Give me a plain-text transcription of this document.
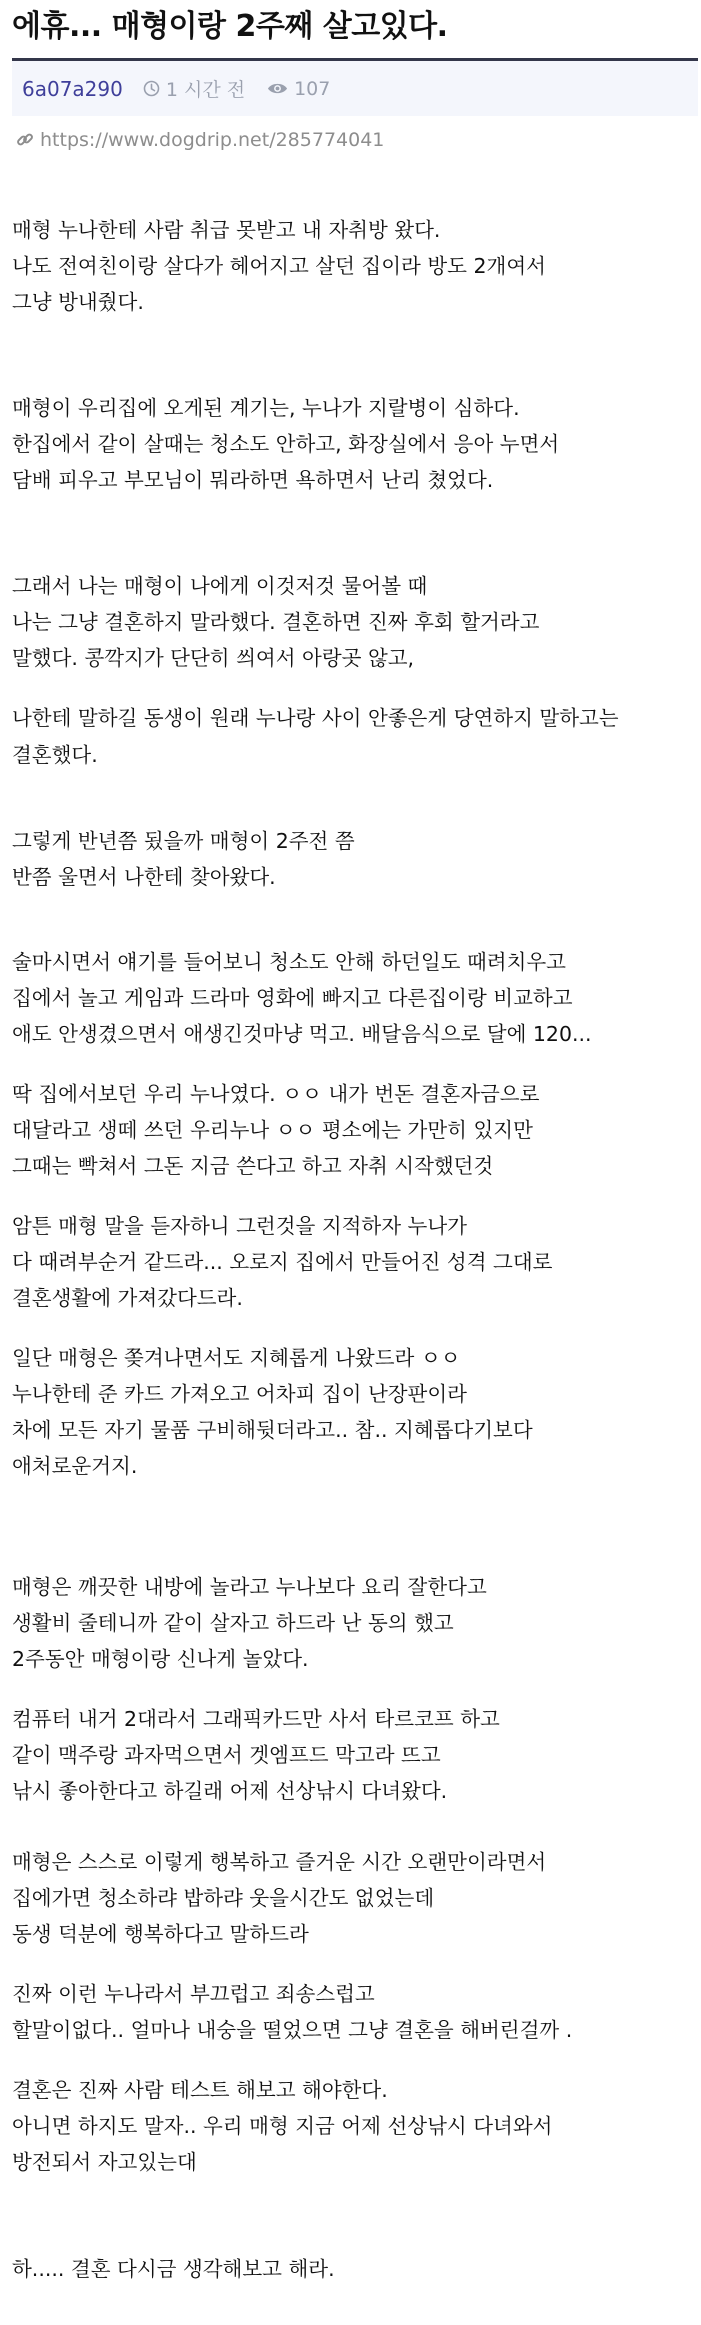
에휴... 매형이랑 2주째 살고있다.
6a07a290 1 시간 전	107
https://www.dogdrip.net/285774041

매형 누나한테 사람 취급 못받고 내 자취방 왔다.

나도 전여친이랑 살다가 헤어지고 살던 집이라 방도 2개여서

그냥 방내줬다.

매형이 우리집에 오게된 계기는, 누나가 지랄병이 심하다.

한집에서 같이 살때는 청소도 안하고, 화장실에서 응아 누면서

담배 피우고 부모님이 뭐라하면 욕하면서 난리 쳤었다.

그래서 나는 매형이 나에게 이것저것 물어볼 때

나는 그냥 결혼하지 말라했다. 결혼하면 진짜 후회 할거라고

말했다. 콩깍지가 단단히 씌여서 아랑곳 않고,

나한테 말하길 동생이 원래 누나랑 사이 안좋은게 당연하지 말하고는

결혼했다.

그렇게 반년쯤 됬을까 매형이 2주전 쯤

반쯤 울면서 나한테 찾아왔다.

술마시면서 얘기를 들어보니 청소도 안해 하던일도 때려치우고

집에서 놀고 게임과 드라마 영화에 빠지고 다른집이랑 비교하고

애도 안생겼으면서 애생긴것마냥 먹고. 배달음식으로 달에 120...

딱 집에서보던 우리 누나였다. ㅇㅇ 내가 번돈 결혼자금으로

대달라고 생떼 쓰던 우리누나 ㅇㅇ 평소에는 가만히 있지만

그때는 빡쳐서 그돈 지금 쓴다고 하고 자취 시작했던것

암튼 매형 말을 듣자하니 그런것을 지적하자 누나가

다 때려부순거 같드라... 오로지 집에서 만들어진 성격 그대로

결혼생활에 가져갔다드라.

일단 매형은 쫒겨나면서도 지혜롭게 나왔드라 ㅇㅇ

누나한테 준 카드 가져오고 어차피 집이 난장판이라

차에 모든 자기 물품 구비해뒷더라고.. 참.. 지혜롭다기보다

애처로운거지.

매형은 깨끗한 내방에 놀라고 누나보다 요리 잘한다고

생활비 줄테니까 같이 살자고 하드라 난 동의 했고

2주동안 매형이랑 신나게 놀았다.

컴퓨터 내거 2대라서 그래픽카드만 사서 타르코프 하고

같이 맥주랑 과자먹으면서 겟엠프드 막고라 뜨고

낚시 좋아한다고 하길래 어제 선상낚시 다녀왔다.

매형은 스스로 이렇게 행복하고 즐거운 시간 오랜만이라면서

집에가면 청소하랴 밥하랴 웃을시간도 없었는데

동생 덕분에 행복하다고 말하드라

진짜 이런 누나라서 부끄럽고 죄송스럽고

할말이없다.. 얼마나 내숭을 떨었으면 그냥 결혼을 해버린걸까 .

결혼은 진짜 사람 테스트 해보고 해야한다.

아니면 하지도 말자.. 우리 매형 지금 어제 선상낚시 다녀와서

방전되서 자고있는대

하..... 결혼 다시금 생각해보고 해라.
